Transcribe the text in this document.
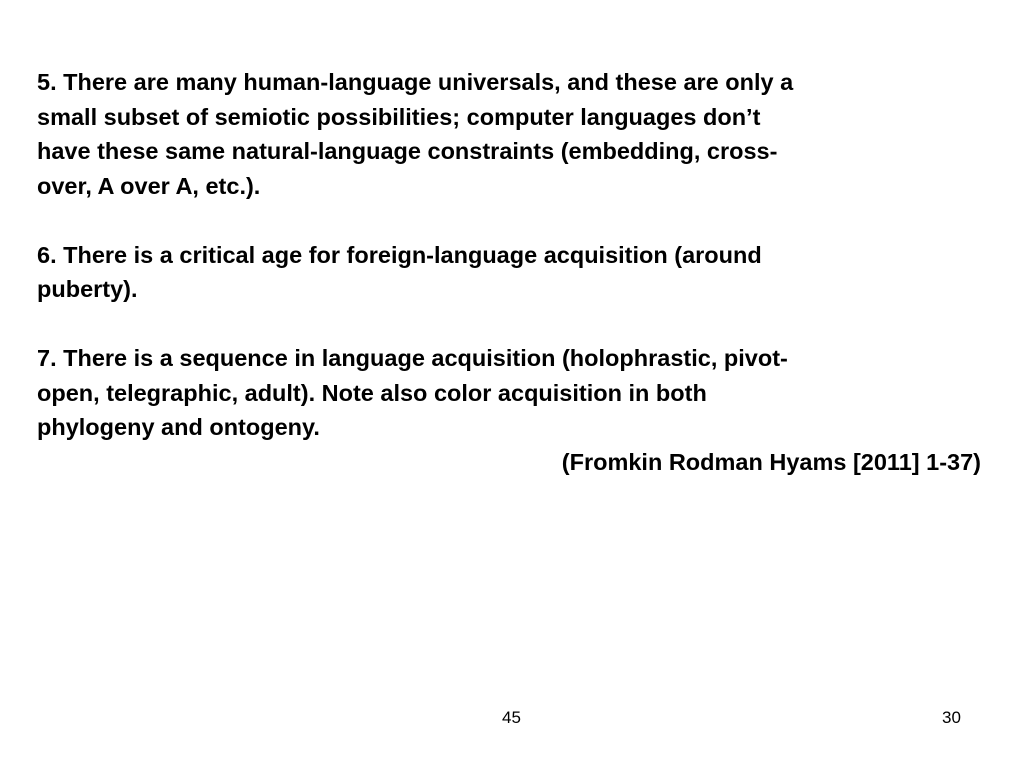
5. There are many human-language universals, and these are only a
small subset of semiotic possibilities; computer languages don’t
have these same natural-language constraints (embedding, cross-
over, A over A, etc.).

6. There is a critical age for foreign-language acquisition (around
puberty).

7. There is a sequence in language acquisition (holophrastic, pivot-
open, telegraphic, adult). Note also color acquisition in both
phylogeny and ontogeny.

(Fromkin Rodman Hyams [2011] 1-37)

45	30
